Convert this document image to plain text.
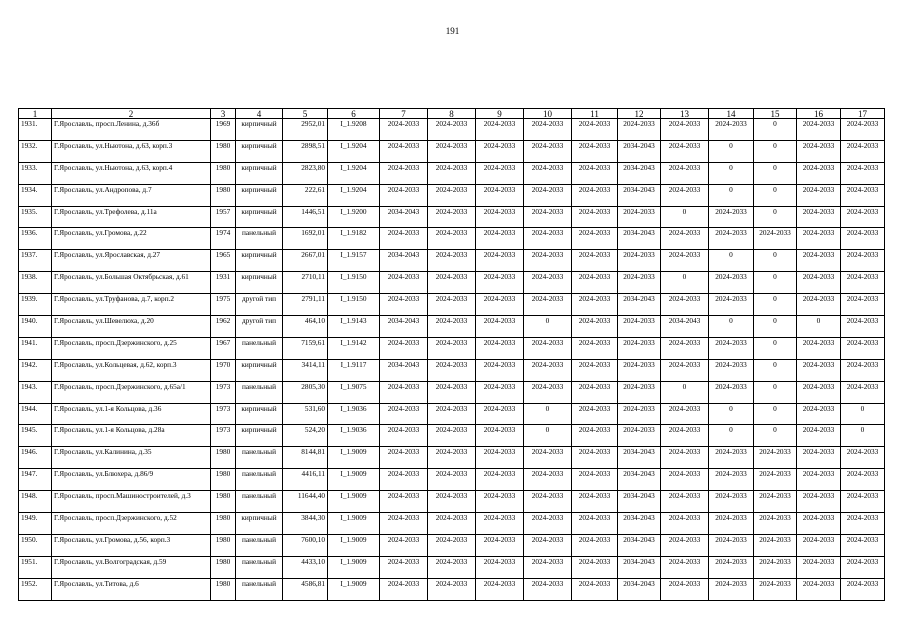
191
1	2	3	4	5	6	7	8	9	10	11	12	13	14	15	16	17
1931.	Г.Ярославль, просп.Ленина, д.36б	1969	кирпичный	2952,01	I_1.9208	2024-2033	2024-2033	2024-2033	2024-2033	2024-2033	2024-2033	2024-2033	2024-2033	0	2024-2033	2024-2033
1932.	Г.Ярославль, ул.Ньютона, д.63, корп.3	1980	кирпичный	2898,51	I_1.9204	2024-2033	2024-2033	2024-2033	2024-2033	2024-2033	2034-2043	2024-2033	0	0	2024-2033	2024-2033
1933.	Г.Ярославль, ул.Ньютона, д.63, корп.4	1980	кирпичный	2823,80	I_1.9204	2024-2033	2024-2033	2024-2033	2024-2033	2024-2033	2034-2043	2024-2033	0	0	2024-2033	2024-2033
1934.	Г.Ярославль, ул.Андропова, д.7	1980	кирпичный	222,61	I_1.9204	2024-2033	2024-2033	2024-2033	2024-2033	2024-2033	2034-2043	2024-2033	0	0	2024-2033	2024-2033
1935.	Г.Ярославль, ул.Трефолева, д.11а	1957	кирпичный	1446,51	I_1.9200	2034-2043	2024-2033	2024-2033	2024-2033	2024-2033	2024-2033	0	2024-2033	0	2024-2033	2024-2033
1936.	Г.Ярославль, ул.Громова, д.22	1974	панельный	1692,01	I_1.9182	2024-2033	2024-2033	2024-2033	2024-2033	2024-2033	2034-2043	2024-2033	2024-2033	2024-2033	2024-2033	2024-2033
1937.	Г.Ярославль, ул.Ярославская, д.27	1965	кирпичный	2667,01	I_1.9157	2034-2043	2024-2033	2024-2033	2024-2033	2024-2033	2024-2033	2024-2033	0	0	2024-2033	2024-2033
1938.	Г.Ярославль, ул.Большая Октябрьская, д.61	1931	кирпичный	2710,11	I_1.9150	2024-2033	2024-2033	2024-2033	2024-2033	2024-2033	2024-2033	0	2024-2033	0	2024-2033	2024-2033
1939.	Г.Ярославль, ул.Труфанова, д.7, корп.2	1975	другой тип	2791,11	I_1.9150	2024-2033	2024-2033	2024-2033	2024-2033	2024-2033	2034-2043	2024-2033	2024-2033	0	2024-2033	2024-2033
1940.	Г.Ярославль, ул.Шевелюха, д.20	1962	другой тип	464,10	I_1.9143	2034-2043	2024-2033	2024-2033	0	2024-2033	2024-2033	2034-2043	0	0	0	2024-2033
1941.	Г.Ярославль, просп.Дзержинского, д.25	1967	панельный	7159,61	I_1.9142	2024-2033	2024-2033	2024-2033	2024-2033	2024-2033	2024-2033	2024-2033	2024-2033	0	2024-2033	2024-2033
1942.	Г.Ярославль, ул.Кольцевая, д.62, корп.3	1970	кирпичный	3414,11	I_1.9117	2034-2043	2024-2033	2024-2033	2024-2033	2024-2033	2024-2033	2024-2033	2024-2033	0	2024-2033	2024-2033
1943.	Г.Ярославль, просп.Дзержинского, д.65а/1	1973	панельный	2805,30	I_1.9075	2024-2033	2024-2033	2024-2033	2024-2033	2024-2033	2024-2033	0	2024-2033	0	2024-2033	2024-2033
1944.	Г.Ярославль, ул.1-я Кольцова, д.36	1973	кирпичный	531,60	I_1.9036	2024-2033	2024-2033	2024-2033	0	2024-2033	2024-2033	2024-2033	0	0	2024-2033	0
1945.	Г.Ярославль, ул.1-я Кольцова, д.28а	1973	кирпичный	524,20	I_1.9036	2024-2033	2024-2033	2024-2033	0	2024-2033	2024-2033	2024-2033	0	0	2024-2033	0
1946.	Г.Ярославль, ул.Калинина, д.35	1980	панельный	8144,81	I_1.9009	2024-2033	2024-2033	2024-2033	2024-2033	2024-2033	2034-2043	2024-2033	2024-2033	2024-2033	2024-2033	2024-2033
1947.	Г.Ярославль, ул.Блюхера, д.86/9	1980	панельный	4416,11	I_1.9009	2024-2033	2024-2033	2024-2033	2024-2033	2024-2033	2034-2043	2024-2033	2024-2033	2024-2033	2024-2033	2024-2033
1948.	Г.Ярославль, просп.Машиностроителей, д.3	1980	панельный	11644,40	I_1.9009	2024-2033	2024-2033	2024-2033	2024-2033	2024-2033	2034-2043	2024-2033	2024-2033	2024-2033	2024-2033	2024-2033
1949.	Г.Ярославль, просп.Дзержинского, д.52	1980	кирпичный	3844,30	I_1.9009	2024-2033	2024-2033	2024-2033	2024-2033	2024-2033	2034-2043	2024-2033	2024-2033	2024-2033	2024-2033	2024-2033
1950.	Г.Ярославль, ул.Громова, д.56, корп.3	1980	панельный	7600,10	I_1.9009	2024-2033	2024-2033	2024-2033	2024-2033	2024-2033	2034-2043	2024-2033	2024-2033	2024-2033	2024-2033	2024-2033
1951.	Г.Ярославль, ул.Волгоградская, д.59	1980	панельный	4433,10	I_1.9009	2024-2033	2024-2033	2024-2033	2024-2033	2024-2033	2034-2043	2024-2033	2024-2033	2024-2033	2024-2033	2024-2033
1952.	Г.Ярославль, ул.Титова, д.6	1980	панельный	4586,81	I_1.9009	2024-2033	2024-2033	2024-2033	2024-2033	2024-2033	2034-2043	2024-2033	2024-2033	2024-2033	2024-2033	2024-2033
